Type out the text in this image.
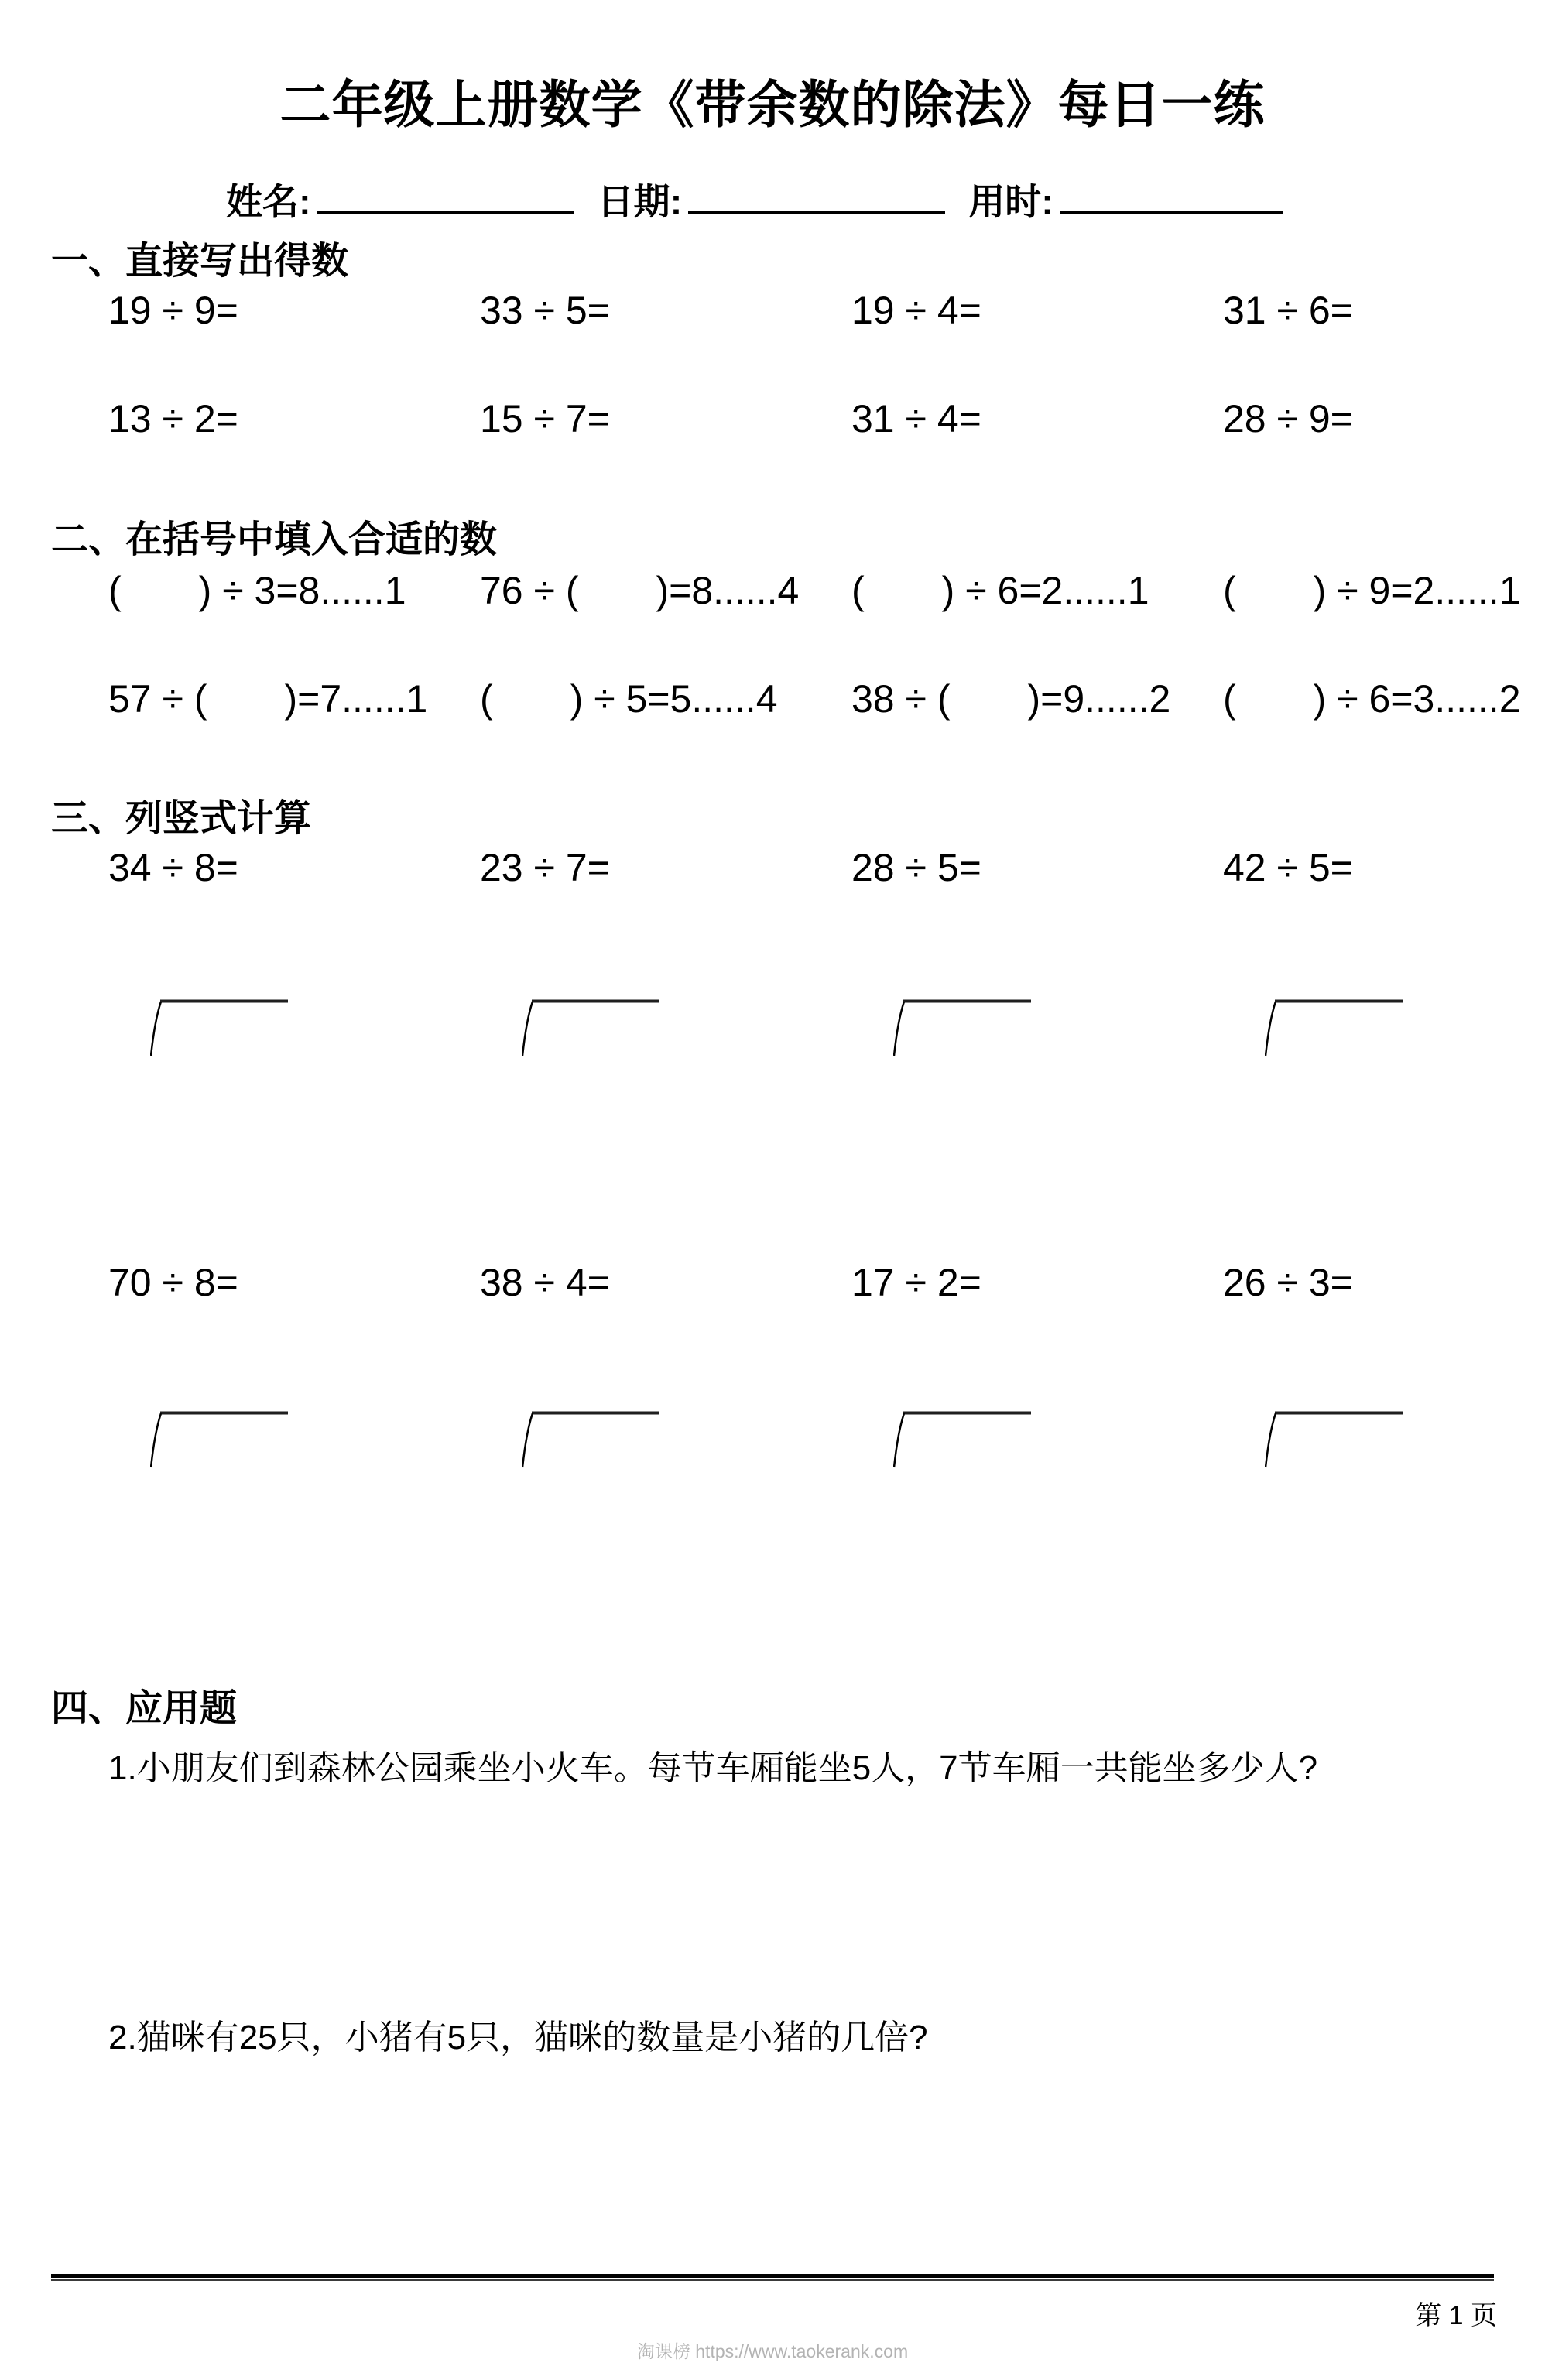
二年级上册数学《带余数的除法》每日一练
姓名:	日期:	用时:
一、直接写出得数
19 ÷ 9=	33 ÷ 5=	19 ÷ 4=	31 ÷ 6=
13 ÷ 2=	15 ÷ 7=	31 ÷ 4=	28 ÷ 9=
二、在括号中填入合适的数
(　　) ÷ 3=8......1	76 ÷ (　　)=8......4	(　　) ÷ 6=2......1	(　　) ÷ 9=2......1
57 ÷ (　　)=7......1	(　　) ÷ 5=5......4	38 ÷ (　　)=9......2	(　　) ÷ 6=3......2
三、列竖式计算
34 ÷ 8=	23 ÷ 7=	28 ÷ 5=	42 ÷ 5=
70 ÷ 8=	38 ÷ 4=	17 ÷ 2=	26 ÷ 3=
四、应用题
1.小朋友们到森林公园乘坐小火车。每节车厢能坐5人，7节车厢一共能坐多少人?
2.猫咪有25只，小猪有5只，猫咪的数量是小猪的几倍?
第 1 页
淘课榜 https://www.taokerank.com
